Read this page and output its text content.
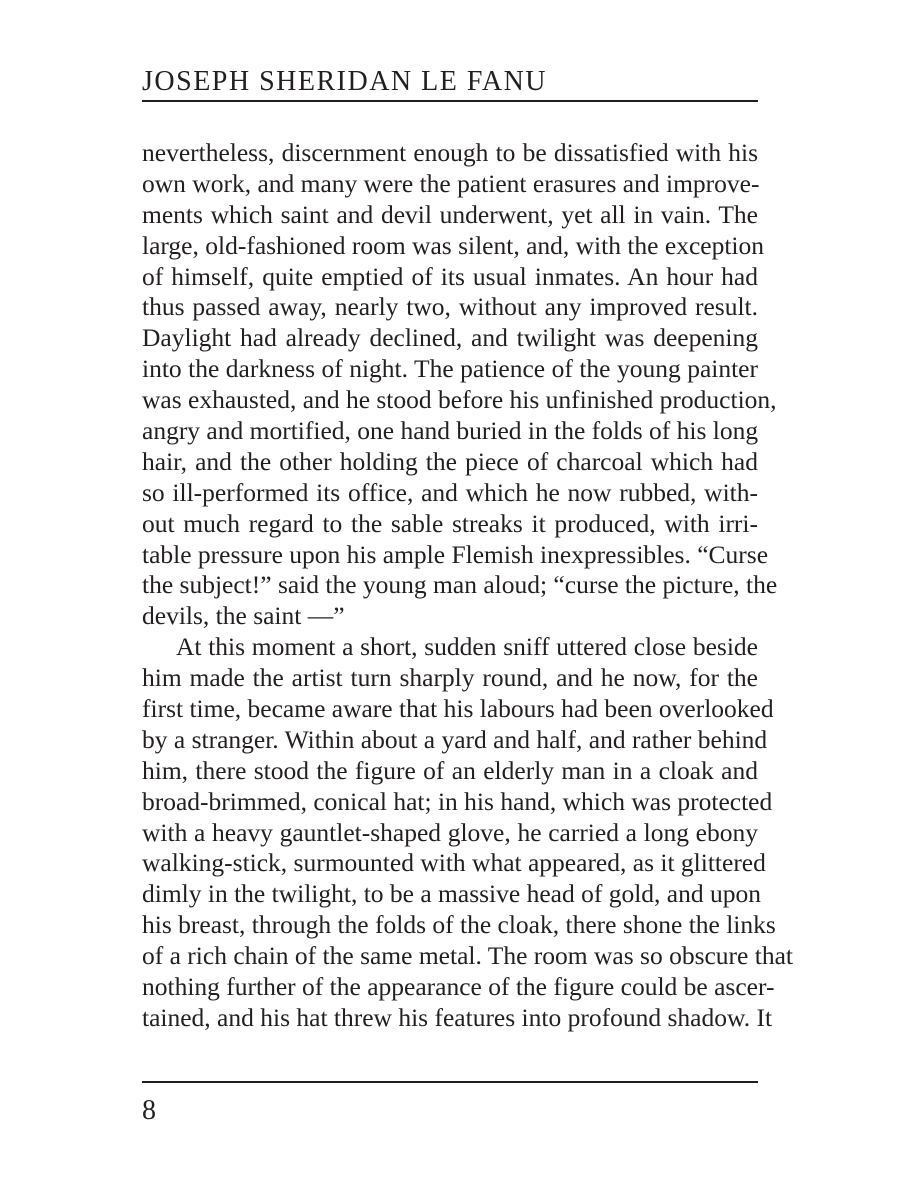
JOSEPH SHERIDAN LE FANU
nevertheless, discernment enough to be dissatisfied with his
own work, and many were the patient erasures and improve-
ments which saint and devil underwent, yet all in vain. The
large, old-fashioned room was silent, and, with the exception
of himself, quite emptied of its usual inmates. An hour had
thus passed away, nearly two, without any improved result.
Daylight had already declined, and twilight was deepening
into the darkness of night. The patience of the young painter
was exhausted, and he stood before his unfinished production,
angry and mortified, one hand buried in the folds of his long
hair, and the other holding the piece of charcoal which had
so ill-performed its office, and which he now rubbed, with-
out much regard to the sable streaks it produced, with irri-
table pressure upon his ample Flemish inexpressibles. “Curse
the subject!” said the young man aloud; “curse the picture, the
devils, the saint —”
At this moment a short, sudden sniff uttered close beside
him made the artist turn sharply round, and he now, for the
first time, became aware that his labours had been overlooked
by a stranger. Within about a yard and half, and rather behind
him, there stood the figure of an elderly man in a cloak and
broad-brimmed, conical hat; in his hand, which was protected
with a heavy gauntlet-shaped glove, he carried a long ebony
walking-stick, surmounted with what appeared, as it glittered
dimly in the twilight, to be a massive head of gold, and upon
his breast, through the folds of the cloak, there shone the links
of a rich chain of the same metal. The room was so obscure that
nothing further of the appearance of the figure could be ascer-
tained, and his hat threw his features into profound shadow. It
8
